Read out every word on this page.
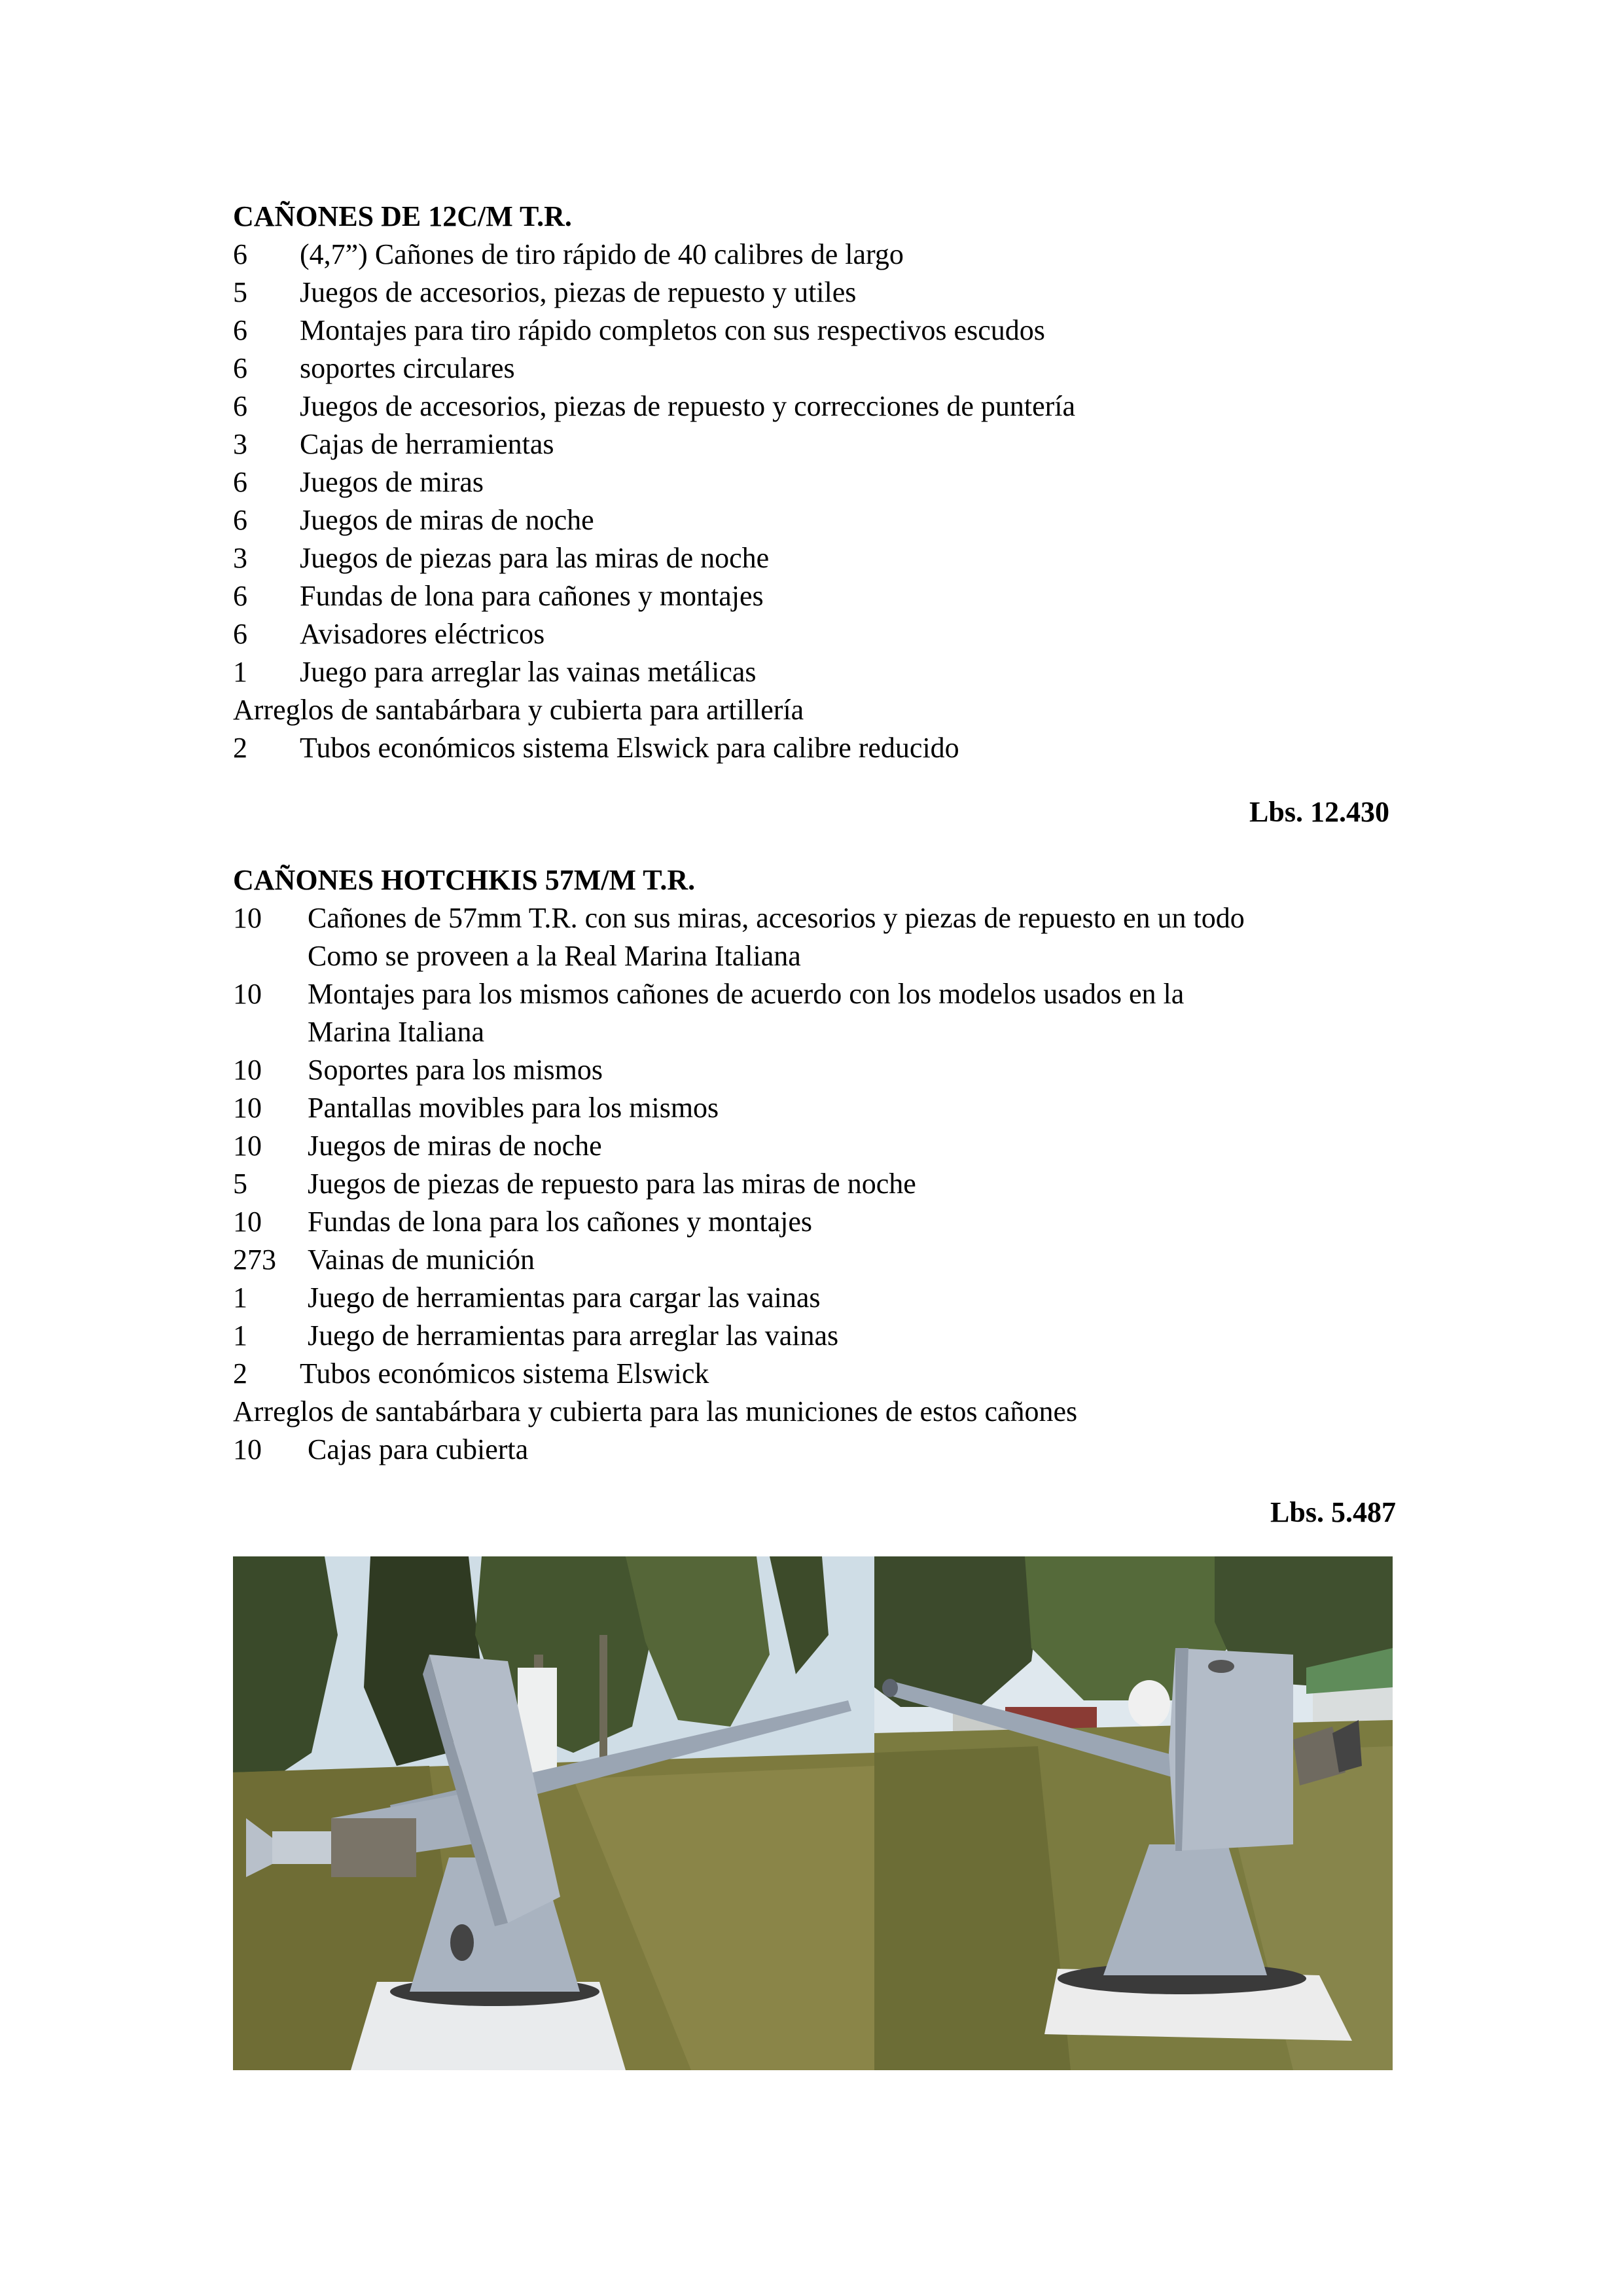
CAÑONES DE 12C/M T.R.
6 (4,7”) Cañones de tiro rápido de 40 calibres de largo
5 Juegos de accesorios, piezas de repuesto y utiles
6 Montajes para tiro rápido completos con sus respectivos escudos
6 soportes circulares
6 Juegos de accesorios, piezas de repuesto y correcciones de puntería
3 Cajas de herramientas
6 Juegos de miras
6 Juegos de miras de noche
3 Juegos de piezas para las miras de noche
6 Fundas de lona para cañones y montajes
6 Avisadores eléctricos
1 Juego para arreglar las vainas metálicas
Arreglos de santabárbara y cubierta para artillería
2 Tubos económicos sistema Elswick para calibre reducido
Lbs. 12.430
CAÑONES HOTCHKIS 57M/M T.R.
10 Cañones de 57mm T.R. con sus miras, accesorios y piezas de repuesto en un todo
Como se proveen a la Real Marina Italiana
10 Montajes para los mismos cañones de acuerdo con los modelos usados en la
Marina Italiana
10 Soportes para los mismos
10 Pantallas movibles para los mismos
10 Juegos de miras de noche
5 Juegos de piezas de repuesto para las miras de noche
10 Fundas de lona para los cañones y montajes
273 Vainas de munición
1 Juego de herramientas para cargar las vainas
1 Juego de herramientas para arreglar las vainas
2 Tubos económicos sistema Elswick
Arreglos de santabárbara y cubierta para las municiones de estos cañones
10 Cajas para cubierta
Lbs. 5.487
